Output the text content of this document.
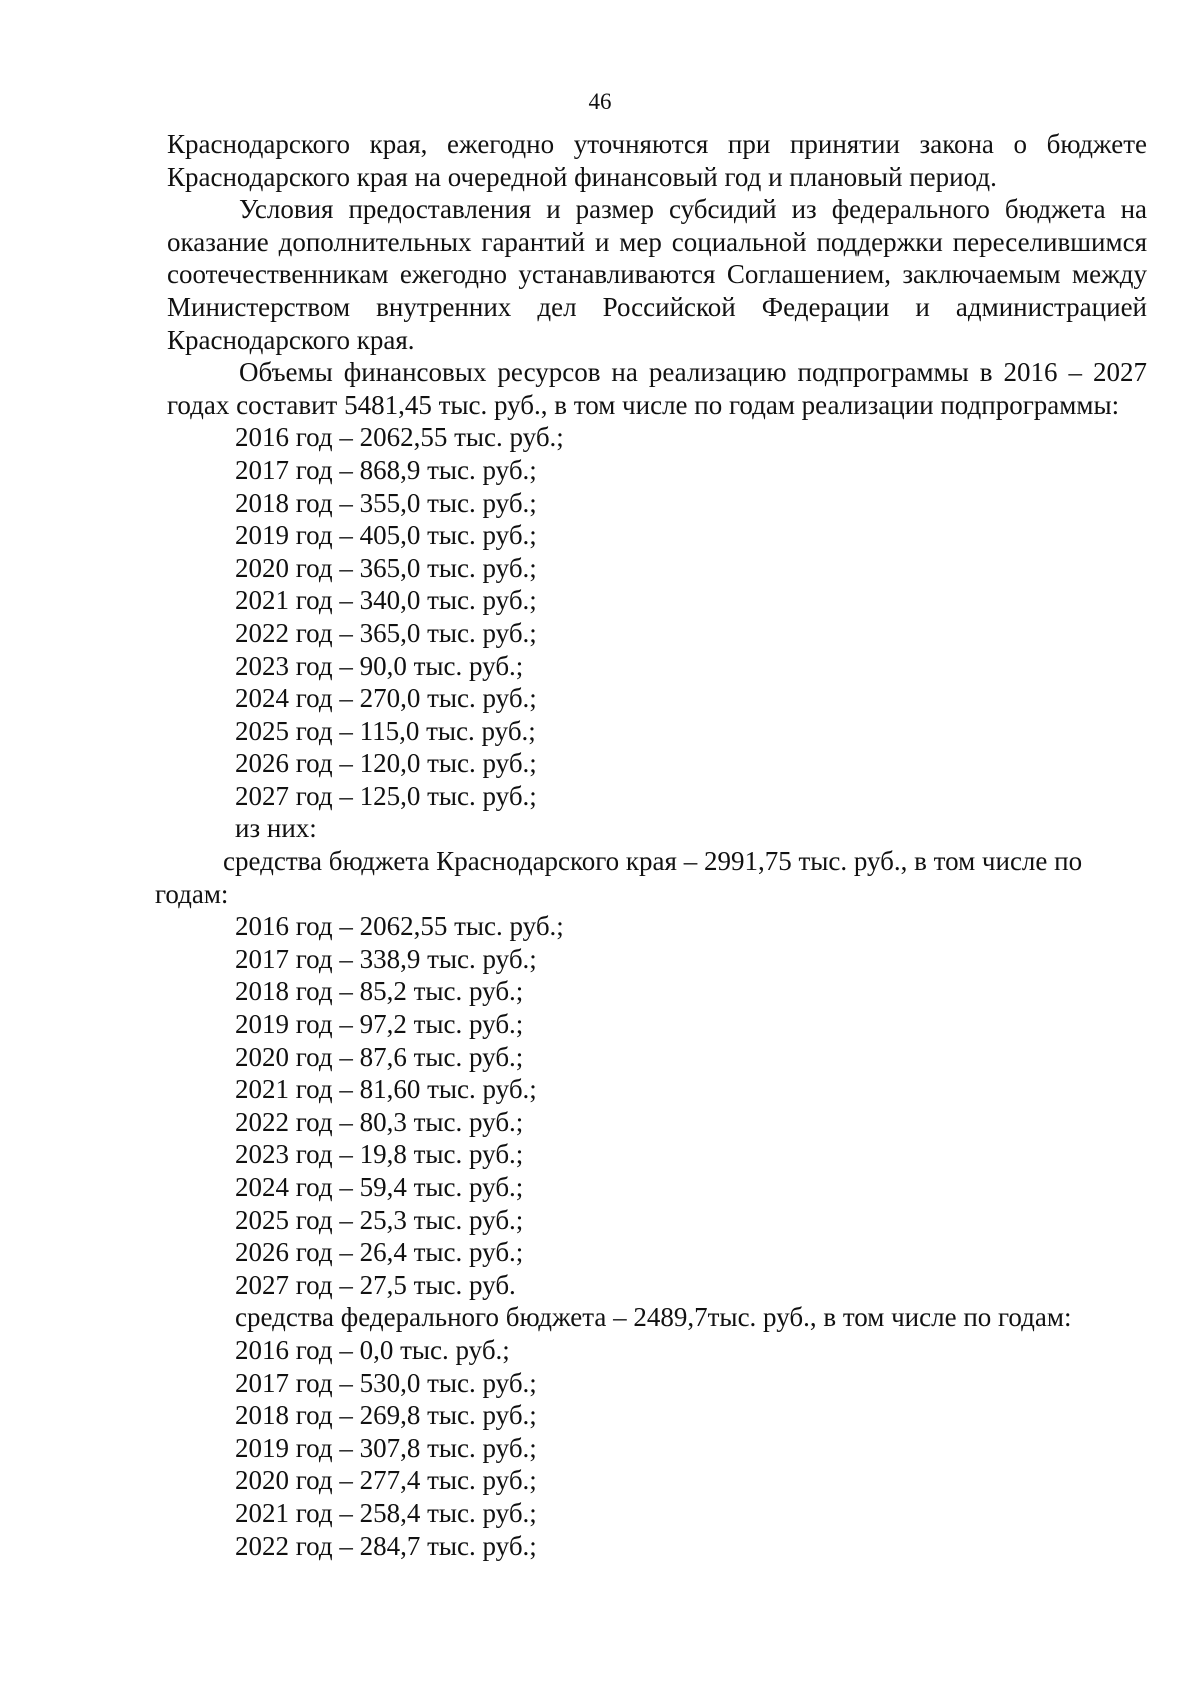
46

Краснодарского края, ежегодно уточняются при принятии закона о бюджете Краснодарского края на очередной финансовый год и плановый период.

Условия предоставления и размер субсидий из федерального бюджета на оказание дополнительных гарантий и мер социальной поддержки переселившимся соотечественникам ежегодно устанавливаются Соглашением, заключаемым между Министерством внутренних дел Российской Федерации и администрацией Краснодарского края.

Объемы финансовых ресурсов на реализацию подпрограммы в 2016 – 2027 годах составит 5481,45 тыс. руб., в том числе по годам реализации подпрограммы:

2016 год – 2062,55 тыс. руб.;

2017 год – 868,9 тыс. руб.;

2018 год – 355,0 тыс. руб.;

2019 год – 405,0 тыс. руб.;

2020 год – 365,0 тыс. руб.;

2021 год – 340,0 тыс. руб.;

2022 год – 365,0 тыс. руб.;

2023 год – 90,0 тыс. руб.;

2024 год – 270,0 тыс. руб.;

2025 год – 115,0 тыс. руб.;

2026 год – 120,0 тыс. руб.;

2027 год – 125,0 тыс. руб.;

из них:

средства бюджета Краснодарского края – 2991,75 тыс. руб., в том числе по годам:

2016 год – 2062,55 тыс. руб.;

2017 год – 338,9 тыс. руб.;

2018 год – 85,2 тыс. руб.;

2019 год – 97,2 тыс. руб.;

2020 год – 87,6 тыс. руб.;

2021 год – 81,60 тыс. руб.;

2022 год – 80,3 тыс. руб.;

2023 год – 19,8 тыс. руб.;

2024 год – 59,4 тыс. руб.;

2025 год – 25,3 тыс. руб.;

2026 год – 26,4 тыс. руб.;

2027 год – 27,5 тыс. руб.

средства федерального бюджета – 2489,7тыс. руб., в том числе по годам:

2016 год – 0,0 тыс. руб.;

2017 год – 530,0 тыс. руб.;

2018 год – 269,8 тыс. руб.;

2019 год – 307,8 тыс. руб.;

2020 год – 277,4 тыс. руб.;

2021 год – 258,4 тыс. руб.;

2022 год – 284,7 тыс. руб.;
